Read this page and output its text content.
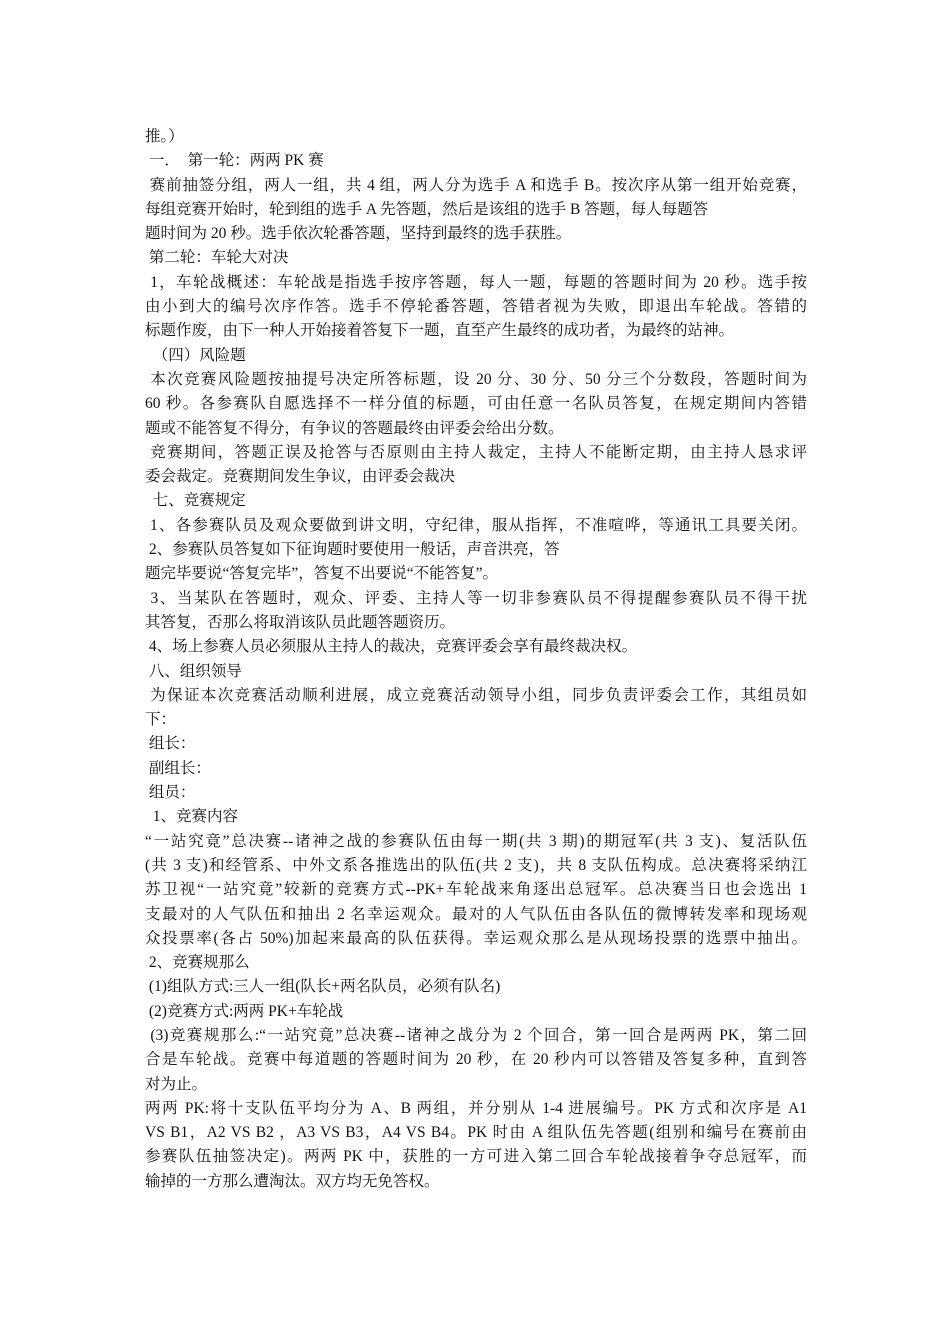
推。）
一．  第一轮：两两 PK 赛
赛前抽签分组，两人一组，共 4 组，两人分为选手 A 和选手 B。按次序从第一组开始竞赛，
每组竞赛开始时，轮到组的选手 A 先答题，然后是该组的选手 B 答题，每人每题答
题时间为 20 秒。选手依次轮番答题，坚持到最终的选手获胜。
第二轮：车轮大对决
1，车轮战概述：车轮战是指选手按序答题，每人一题，每题的答题时间为 20 秒。选手按
由小到大的编号次序作答。选手不停轮番答题，答错者视为失败，即退出车轮战。答错的
标题作废，由下一种人开始接着答复下一题，直至产生最终的成功者，为最终的站神。
（四）风险题
本次竞赛风险题按抽提号决定所答标题，设 20 分、30 分、50 分三个分数段，答题时间为
60 秒。各参赛队自愿选择不一样分值的标题，可由任意一名队员答复，在规定期间内答错
题或不能答复不得分，有争议的答题最终由评委会给出分数。
竞赛期间，答题正误及抢答与否原则由主持人裁定，主持人不能断定期，由主持人恳求评
委会裁定。竞赛期间发生争议，由评委会裁决
七、竞赛规定
1、各参赛队员及观众要做到讲文明，守纪律，服从指挥，不准喧哗，等通讯工具要关闭。
2、参赛队员答复如下征询题时要使用一般话，声音洪亮，答
题完毕要说“答复完毕”，答复不出要说“不能答复”。
3、当某队在答题时，观众、评委、主持人等一切非参赛队员不得提醒参赛队员不得干扰
其答复，否那么将取消该队员此题答题资历。
4、场上参赛人员必须服从主持人的裁决，竞赛评委会享有最终裁决权。
八、组织领导
为保证本次竞赛活动顺利进展，成立竞赛活动领导小组，同步负责评委会工作，其组员如
下：
组长：
副组长：
组员：
1、竞赛内容
“一站究竟”总决赛--诸神之战的参赛队伍由每一期(共 3 期)的期冠军(共 3 支)、复活队伍
(共 3 支)和经管系、中外文系各推选出的队伍(共 2 支)，共 8 支队伍构成。总决赛将采纳江
苏卫视“一站究竟”较新的竞赛方式--PK+车轮战来角逐出总冠军。总决赛当日也会选出 1
支最对的人气队伍和抽出 2 名幸运观众。最对的人气队伍由各队伍的微博转发率和现场观
众投票率(各占 50%)加起来最高的队伍获得。幸运观众那么是从现场投票的选票中抽出。
2、竞赛规那么
(1)组队方式:三人一组(队长+两名队员，必须有队名)
(2)竞赛方式:两两 PK+车轮战
(3)竞赛规那么:“一站究竟”总决赛--诸神之战分为 2 个回合，第一回合是两两 PK，第二回
合是车轮战。竞赛中每道题的答题时间为 20 秒，在 20 秒内可以答错及答复多种，直到答
对为止。
两两 PK:将十支队伍平均分为 A、B 两组，并分别从 1-4 进展编号。PK 方式和次序是 A1
VS B1，A2 VS B2 ，A3 VS B3，A4 VS B4。PK 时由 A 组队伍先答题(组别和编号在赛前由
参赛队伍抽签决定)。两两 PK 中，获胜的一方可进入第二回合车轮战接着争夺总冠军，而
输掉的一方那么遭淘汰。双方均无免答权。
